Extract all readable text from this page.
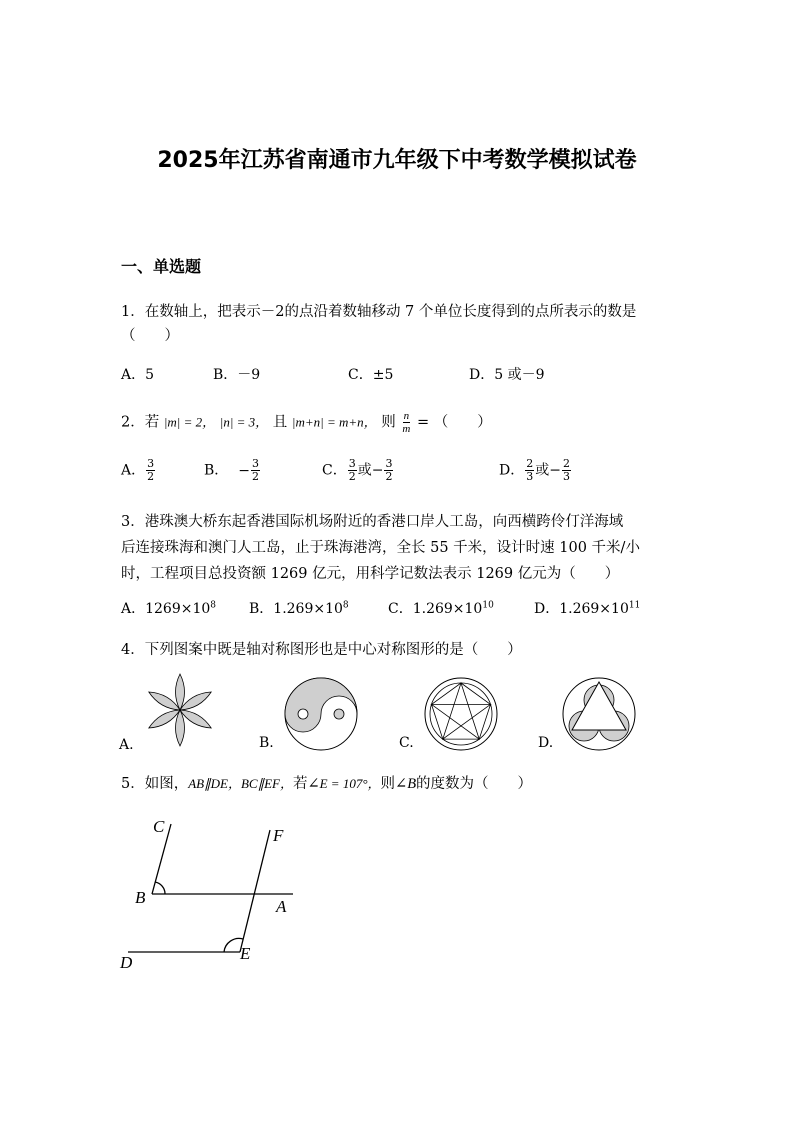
2025年江苏省南通市九年级下中考数学模拟试卷
一、单选题
1．在数轴上，把表示－2的点沿着数轴移动 7 个单位长度得到的点所表示的数是
（　　）
A．5	B．－9	C．±5	D．5 或－9
2．若 |m| = 2， |n| = 3， 且 |m+n| = m+n， 则 $\frac{n}{m}$ = （　　）
A． $\frac{3}{2}$	B． − $\frac{3}{2}$	C． $\frac{3}{2}$ 或− $\frac{3}{2}$	D． $\frac{2}{3}$ 或− $\frac{2}{3}$
3．港珠澳大桥东起香港国际机场附近的香港口岸人工岛，向西横跨伶仃洋海域
后连接珠海和澳门人工岛，止于珠海港湾，全长 55 千米，设计时速 100 千米/小
时，工程项目总投资额 1269 亿元，用科学记数法表示 1269 亿元为（　　）
A．$1269\times 10^8$ B．$1.269\times 10^8$	C．$1.269\times 10^{10}$	D．$1.269\times 10^{11}$
4．下列图案中既是轴对称图形也是中心对称图形的是（　　）
A.	B.	C.	D.
5．如图，AB∥DE，BC∥EF，若∠E = 107°，则∠B的度数为（　　）
C	F
B	A
D	E
